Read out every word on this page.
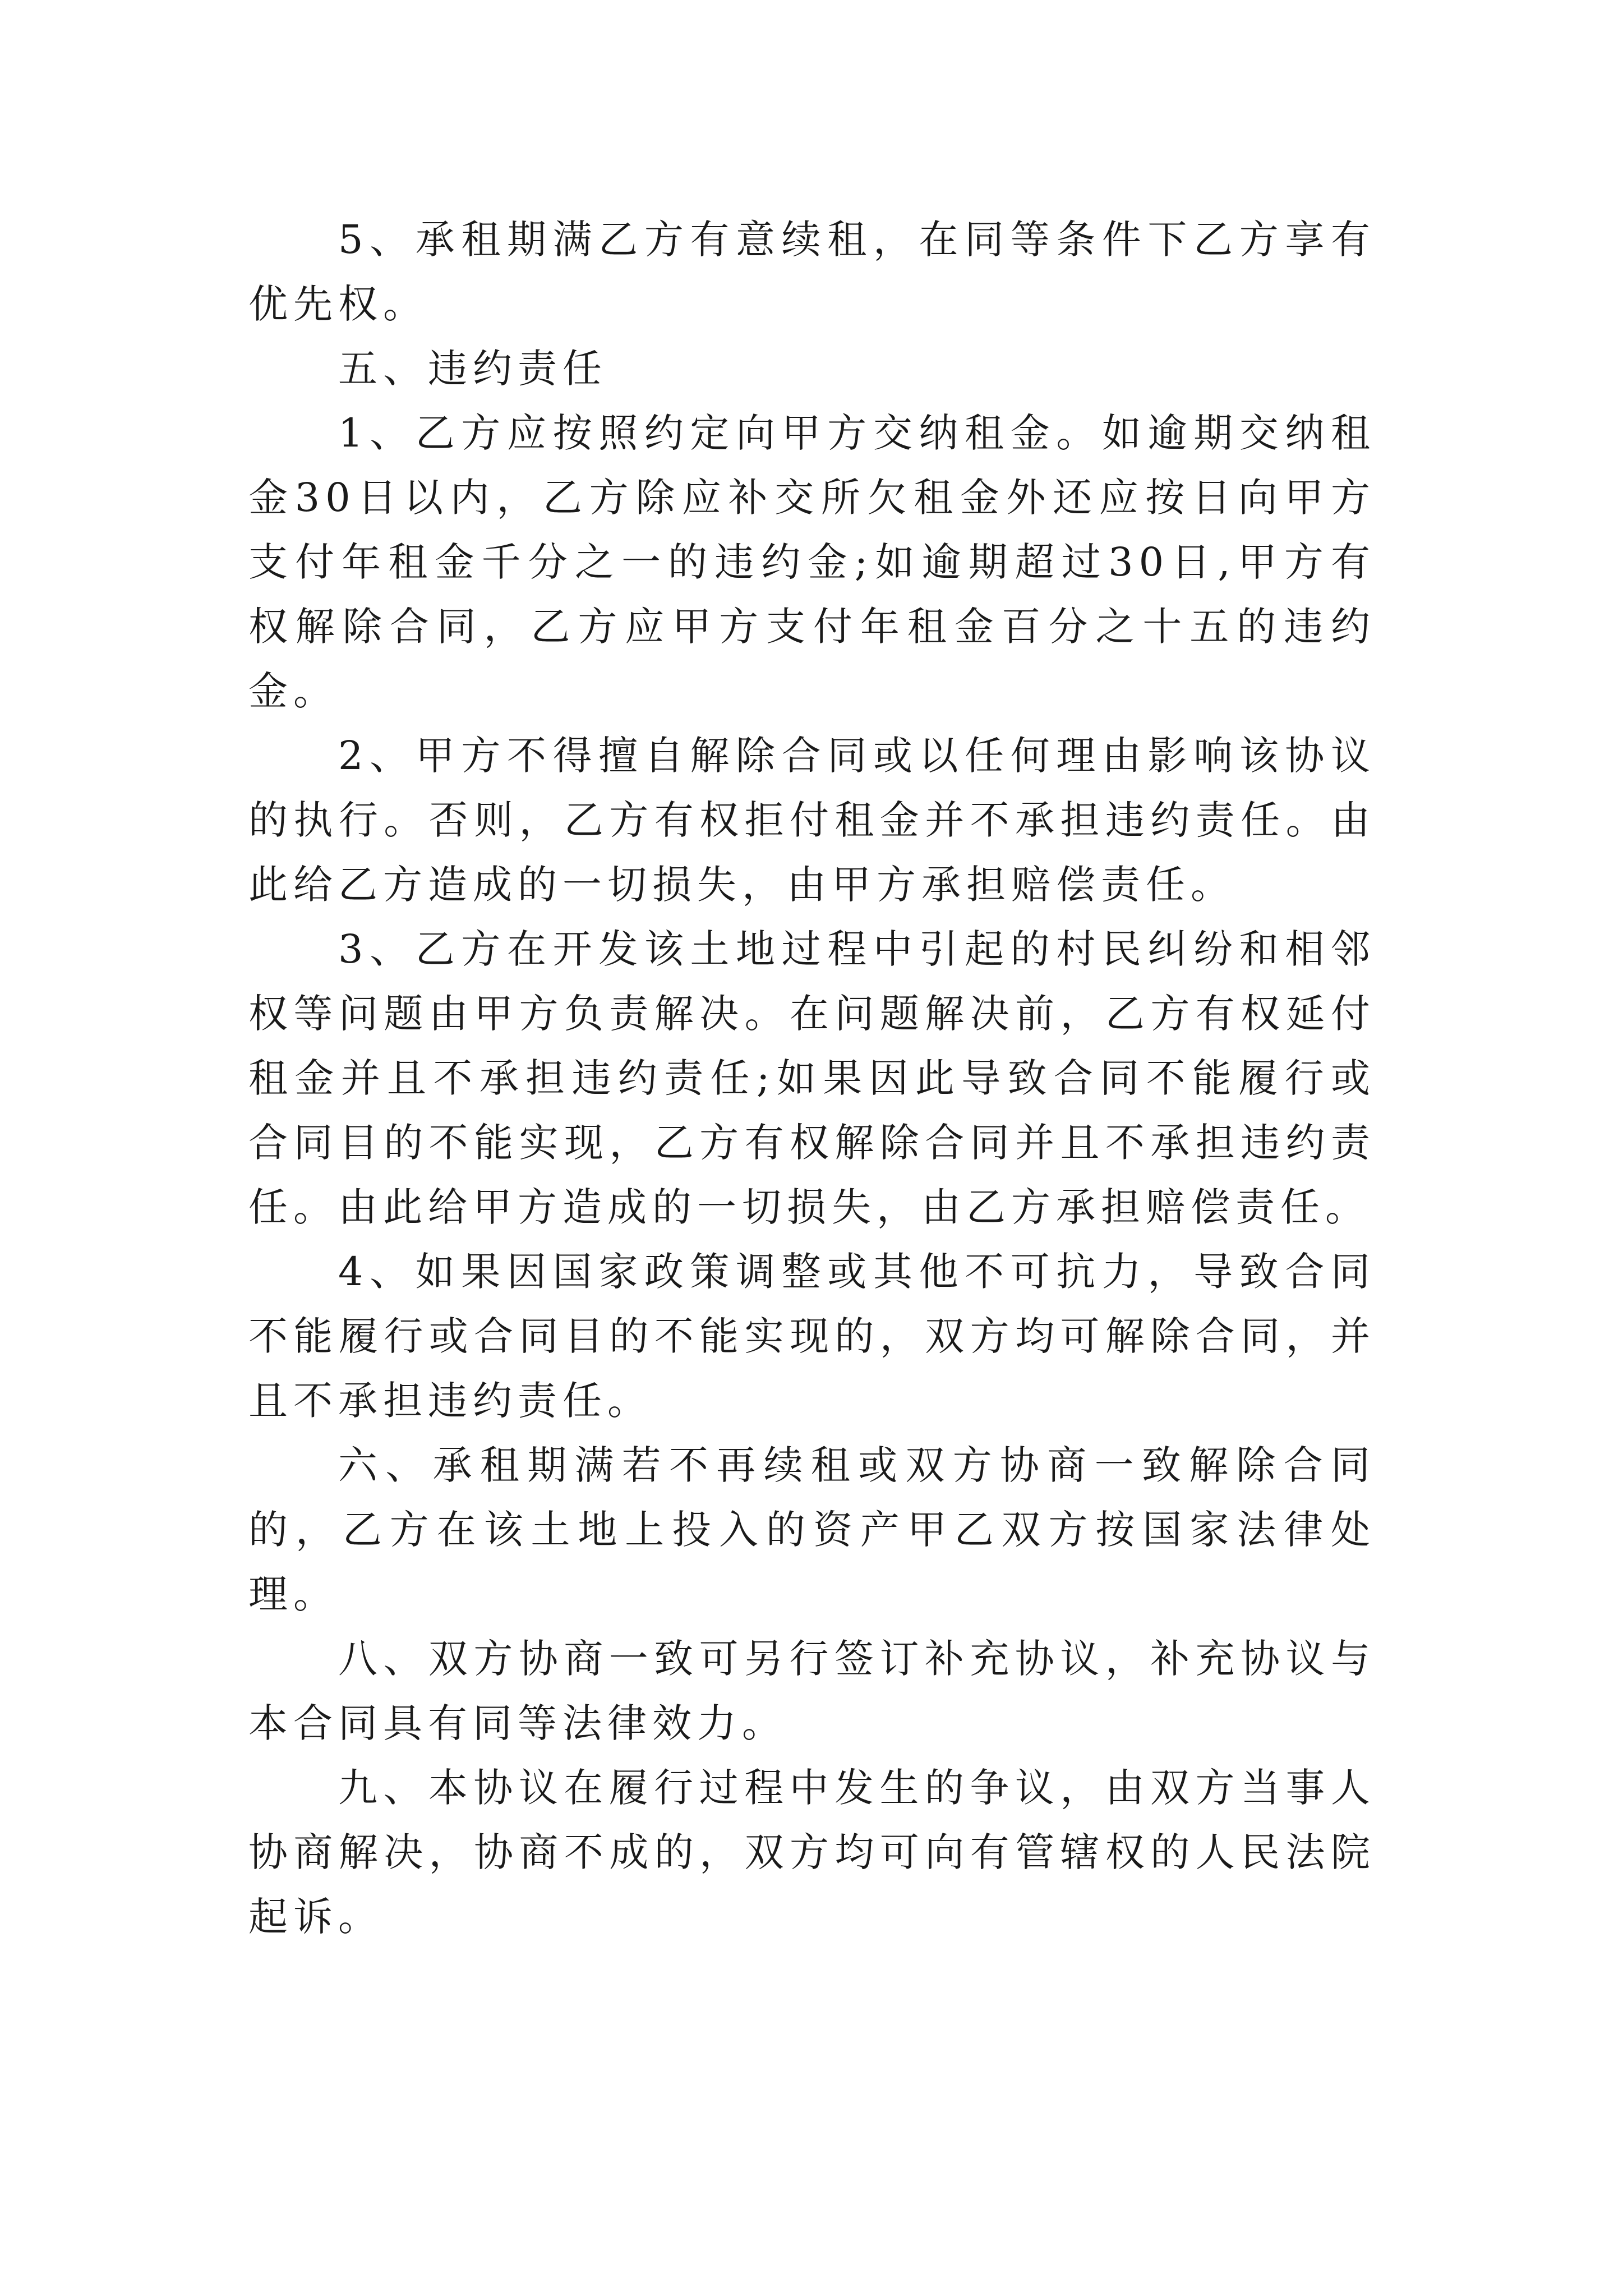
5、承租期满乙方有意续租，在同等条件下乙方享有优先权。

五、违约责任

1、乙方应按照约定向甲方交纳租金。如逾期交纳租金30日以内，乙方除应补交所欠租金外还应按日向甲方支付年租金千分之一的违约金;如逾期超过30日,甲方有权解除合同，乙方应甲方支付年租金百分之十五的违约金。

2、甲方不得擅自解除合同或以任何理由影响该协议的执行。否则，乙方有权拒付租金并不承担违约责任。由此给乙方造成的一切损失，由甲方承担赔偿责任。

3、乙方在开发该土地过程中引起的村民纠纷和相邻权等问题由甲方负责解决。在问题解决前，乙方有权延付租金并且不承担违约责任;如果因此导致合同不能履行或合同目的不能实现，乙方有权解除合同并且不承担违约责任。由此给甲方造成的一切损失，由乙方承担赔偿责任。

4、如果因国家政策调整或其他不可抗力，导致合同不能履行或合同目的不能实现的，双方均可解除合同，并且不承担违约责任。

六、承租期满若不再续租或双方协商一致解除合同的，乙方在该土地上投入的资产甲乙双方按国家法律处理。

八、双方协商一致可另行签订补充协议，补充协议与本合同具有同等法律效力。

九、本协议在履行过程中发生的争议，由双方当事人协商解决，协商不成的，双方均可向有管辖权的人民法院起诉。
